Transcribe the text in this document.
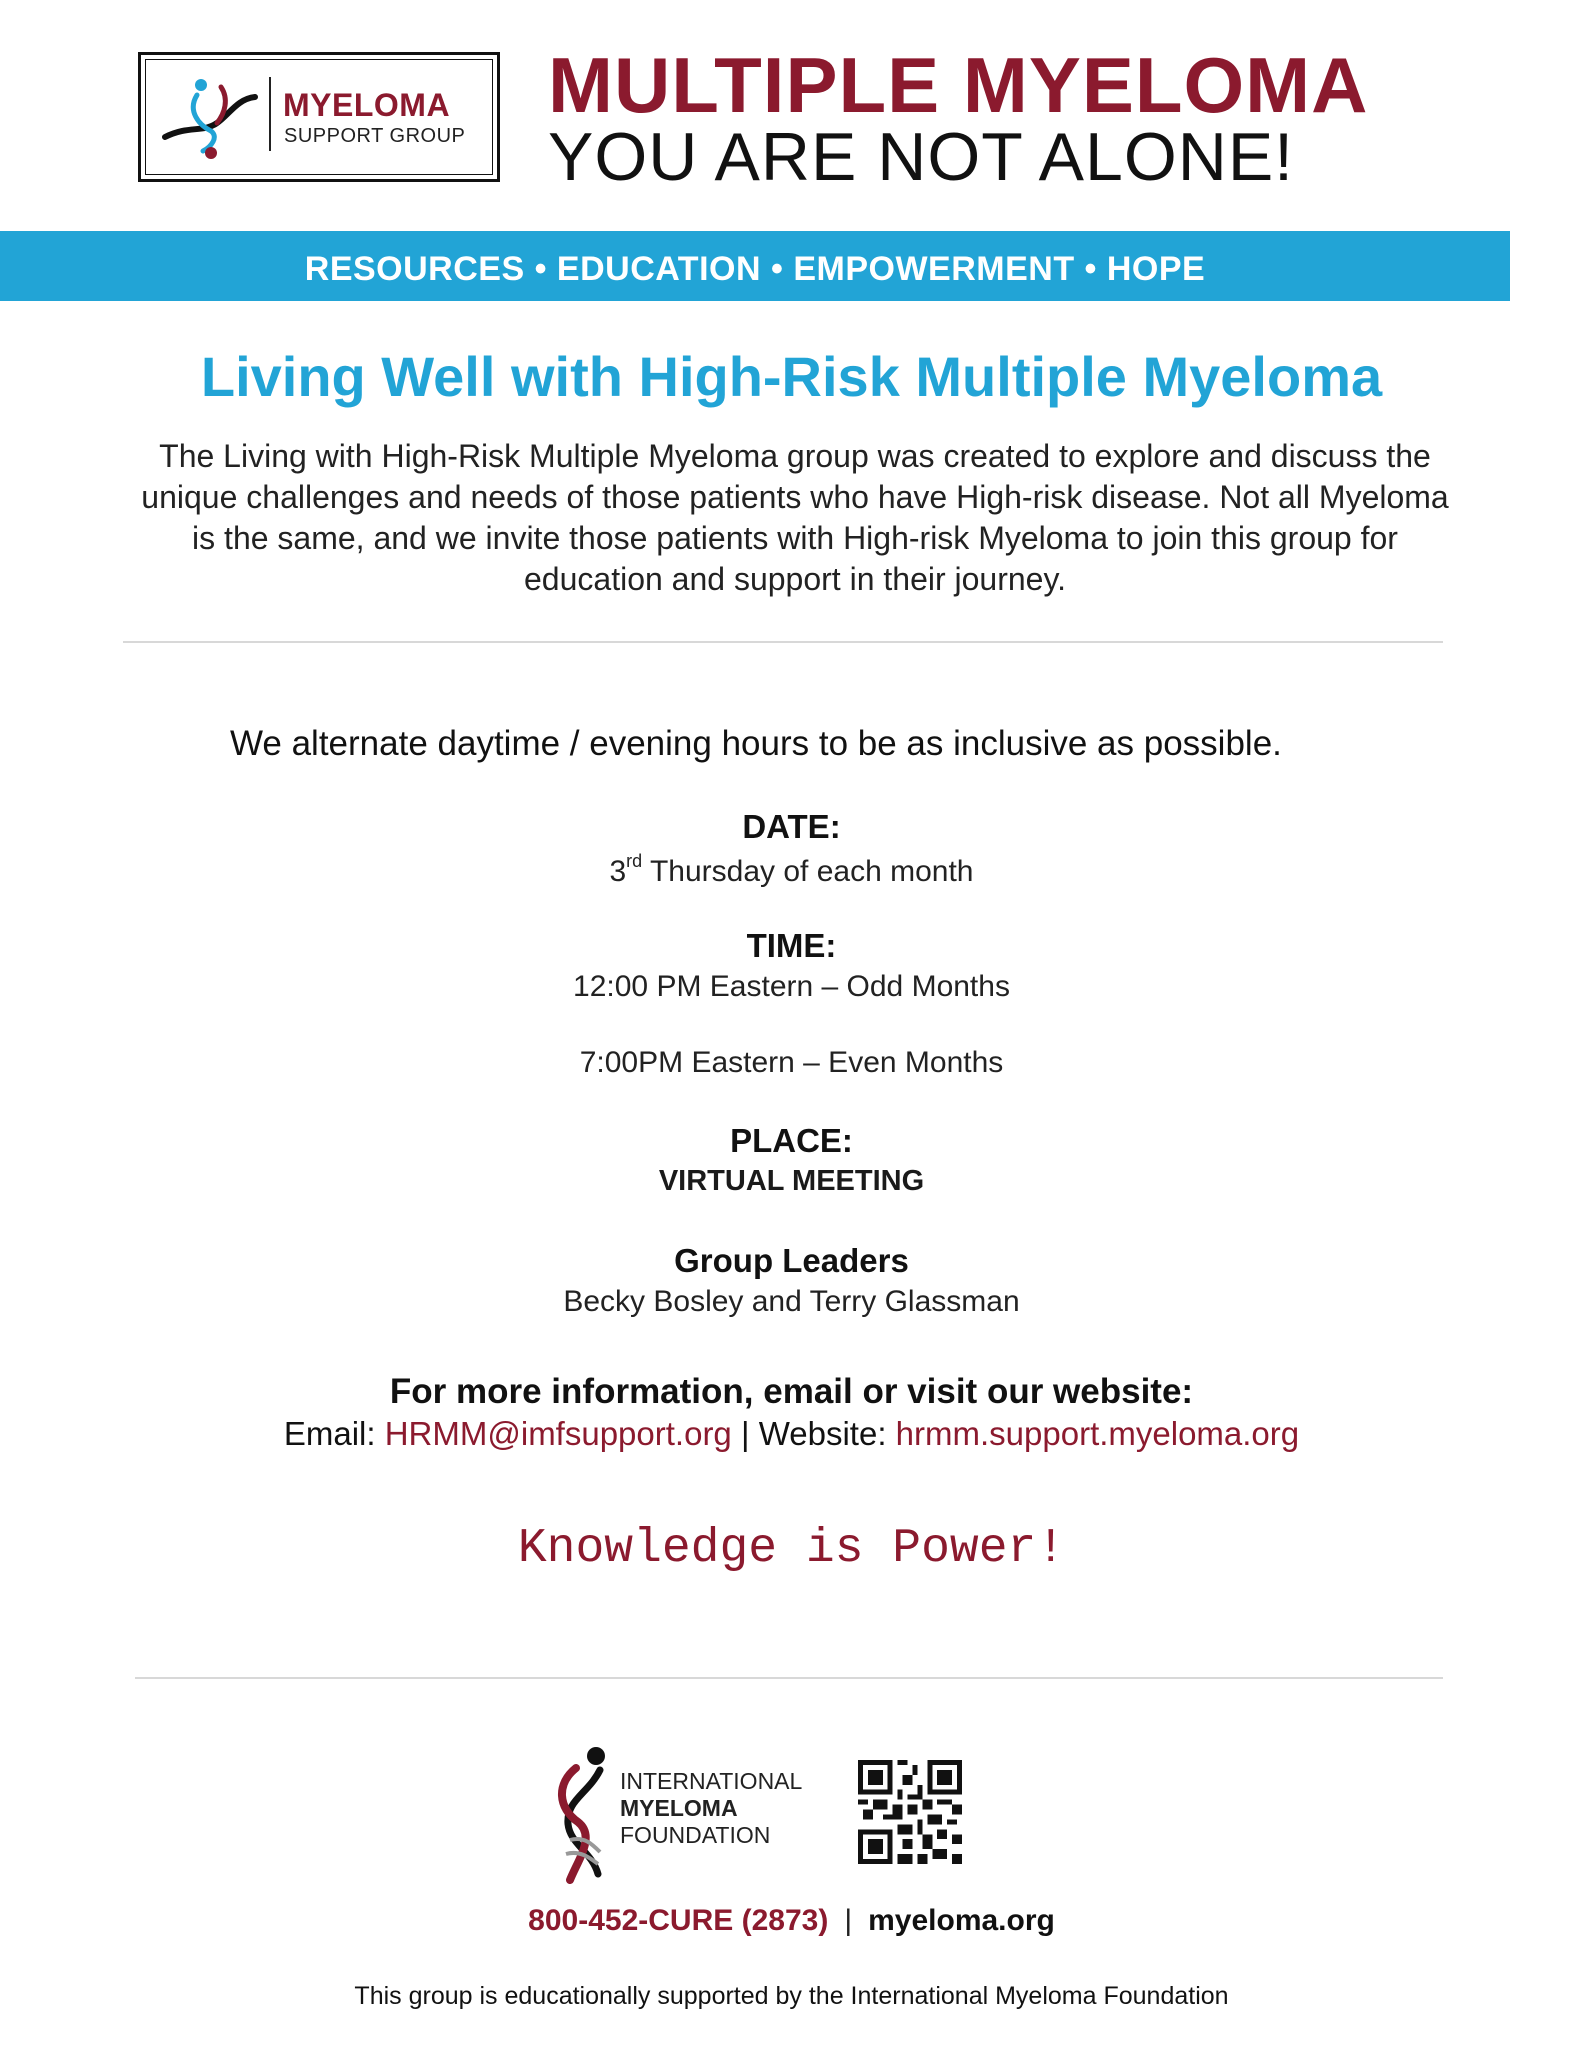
MYELOMA
SUPPORT GROUP
MULTIPLE MYELOMA
YOU ARE NOT ALONE!
RESOURCES • EDUCATION • EMPOWERMENT • HOPE
Living Well with High-Risk Multiple Myeloma
The Living with High-Risk Multiple Myeloma group was created to explore and discuss the unique challenges and needs of those patients who have High-risk disease. Not all Myeloma is the same, and we invite those patients with High-risk Myeloma to join this group for education and support in their journey.
We alternate daytime / evening hours to be as inclusive as possible.
DATE:
3rd Thursday of each month
TIME:
12:00 PM Eastern – Odd Months
7:00PM Eastern – Even Months
PLACE:
VIRTUAL MEETING
Group Leaders
Becky Bosley and Terry Glassman
For more information, email or visit our website:
Email: HRMM@imfsupport.org | Website: hrmm.support.myeloma.org
Knowledge is Power!
INTERNATIONAL
MYELOMA
FOUNDATION
800-452-CURE (2873) | myeloma.org
This group is educationally supported by the International Myeloma Foundation
